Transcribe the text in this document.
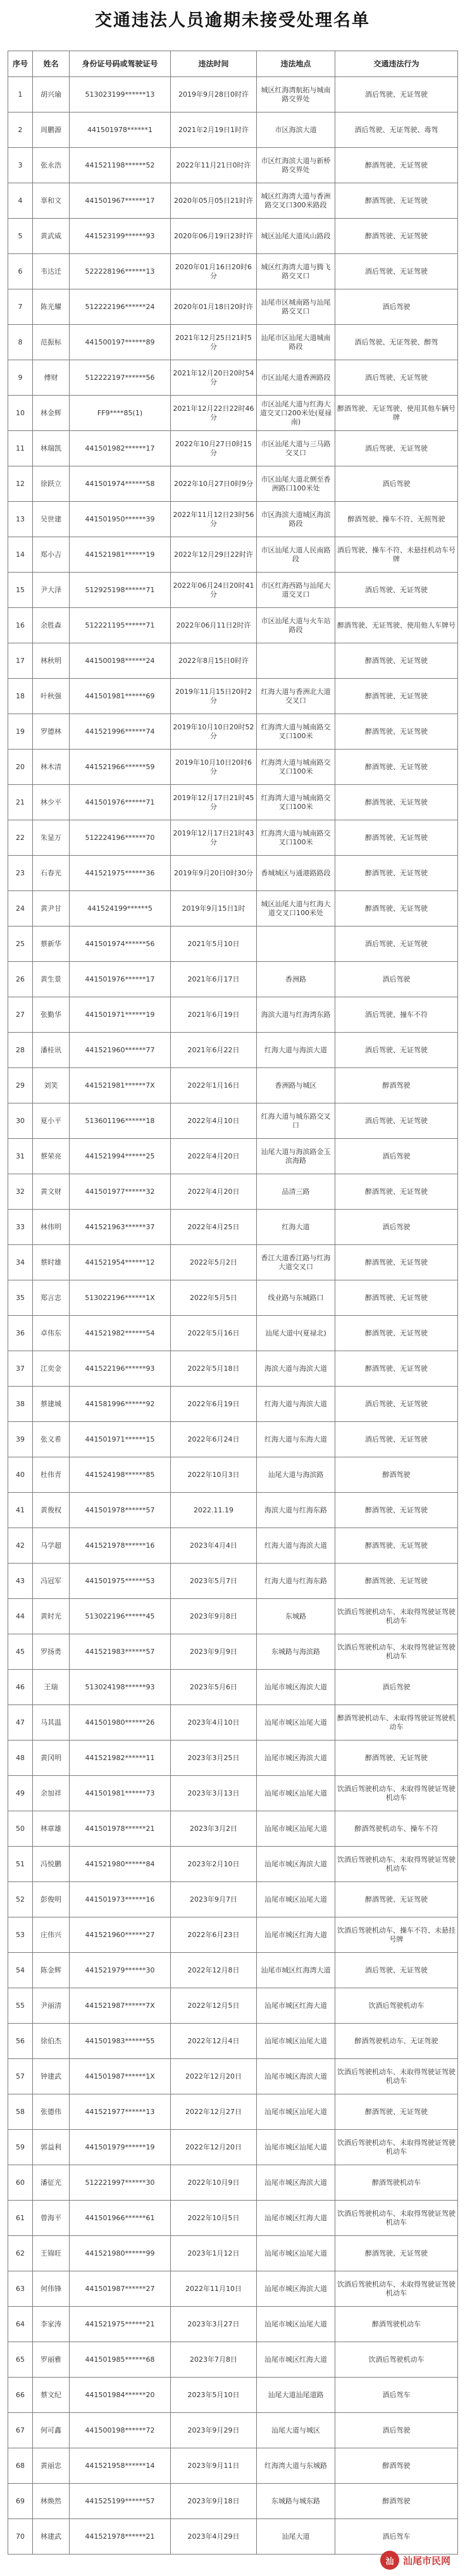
交通违法人员逾期未接受处理名单
序号	姓名	身份证号码或驾驶证号	违法时间	违法地点	交通违法行为
1	胡兴瑜	513023199******13	2019年9月28日0时许	城区红海湾航拓与城南路交界处	酒后驾驶、无证驾驶
2	周鹏源	441501978******1	2021年2月19日1时许	市区海滨大道	酒后驾驶、无证驾驶、毒驾
3	张永浩	441521198******52	2022年11月21日0时许	市区红海滨大道与新桥路交界处	醉酒驾驶、无证驾驶
4	辜和文	441501967******17	2020年05月05日21时许	城区红海湾大道与香洲路交叉口300米路段	醉酒驾驶、无证驾驶
5	黄武威	441523199******93	2020年06月19日23时许	城区汕尾大道凤山路段	醉酒驾驶、无证驾驶
6	韦达迁	522228196******13	2020年01月16日20时6分	城区红海湾大道与腾飞路交叉口	酒后驾驶、无证驾驶
7	陈光耀	512222196******24	2020年01月18日20时许	汕尾市区城南路与汕尾路交叉口	酒后驾驶
8	范振标	441500197******89	2021年12月25日21时5分	汕尾市区汕尾大道城南路段	酒后驾驶、无证驾驶、醉驾
9	傅财	512222197******56	2021年12月20日20时54分	市区汕尾大道香洲路段	酒后驾驶、无证驾驶
10	林金辉	FF9****85(1)	2021年12月22日22时46分	市区汕尾大道与红海大道交叉口200米处(夏禄南)	醉酒驾驶、无证驾驶、使用其他车辆号牌
11	林瑞凯	441501982******17	2022年10月27日0时15分	市区汕尾大道与三马路交叉口	酒后驾驶、无证驾驶
12	徐跃立	441501974******58	2022年10月27日0时9分	市区汕尾大道北侧至香洲路口100米处	酒后驾驶
13	吴世建	441501950******39	2022年11月12日23时56分	市区海滨大道城区海滨路段	醉酒驾驶、操车不符、无照驾驶
14	郑小吉	441521981******19	2022年12月29日22时许	市区汕尾大道人民南路段	酒后驾驶、操车不符、未悬挂机动车号牌
15	尹大泽	512925198******71	2022年06月24日20时41分	市区红海西路与汕尾大道交叉口	酒后驾驶、无证驾驶
16	余胜森	512221195******71	2022年06月11日2时许	市区汕尾大道与火车站路段	醉酒驾驶、无证驾驶、使用他人车牌号
17	林秋明	441500198******24	2022年8月15日0时许		醉酒驾驶、无证驾驶
18	叶秋强	441501981******69	2019年11月15日20时2分	红海大道与香洲北大道交叉口	醉酒驾驶、无证驾驶
19	罗德林	441521996******74	2019年10月10日20时52分	红海湾大道与城南路交叉口100米	醉酒驾驶、无证驾驶
20	林木清	441521966******59	2019年10月10日20时6分	红海湾大道与城南路交叉口100米	醉酒驾驶、无证驾驶
21	林少平	441501976******71	2019年12月17日21时45分	红海湾大道与城南路交叉口100米	醉酒驾驶、无证驾驶
22	朱显万	512224196******70	2019年12月17日21时43分	红海湾大道与城南路交叉口100米	醉酒驾驶、无证驾驶
23	石春光	441521975******36	2019年9月20日0时30分	香城城区与通港路路段	醉酒驾驶、无证驾驶
24	黄尹甘	441524199******5	2019年9月15日1时	城区汕尾大道与红海大道交叉口100米处	醉酒驾驶、无证驾驶
25	蔡新华	441501974******56	2021年5月10日		酒后驾驶、无证驾驶
26	黄生景	441501976******17	2021年6月17日	香洲路	酒后驾驶
27	张勤华	441501971******19	2021年6月19日	海滨大道与红海湾东路	酒后驾驶、撞车不符
28	潘桂讯	441521960******77	2021年6月22日	红海大道与海滨大道	酒后驾驶、无证驾驶
29	刘笑	441521981******7X	2022年1月16日	香洲路与城区	醉酒驾驶
30	夏小平	513601196******18	2022年4月10日	红海大道与城东路交叉口	酒后驾驶、无证驾驶
31	蔡荣亮	441521994******25	2022年4月20日	汕尾大道与海滨路金玉滨海路	酒后驾驶
32	黄文财	441501977******32	2022年4月20日	品清三路	醉酒驾驶、无证驾驶
33	林伟明	441521963******37	2022年4月25日	红海大道	酒后驾驶
34	蔡时雄	441521954******12	2022年5月2日	香江大道香江路与红海大道交叉口	醉酒驾驶、无证驾驶
35	郑言忠	513022196******1X	2022年5月5日	线业路与东城路口	醉酒驾驶、无证驾驶
36	卓伟东	441521982******54	2022年5月16日	汕尾大道中(夏禄北)	醉酒驾驶、无证驾驶
37	江奕金	441522196******93	2022年5月18日	海滨大道与海滨大道	醉酒驾驶、无证驾驶
38	蔡建城	441581996******92	2022年6月19日	红海大道与海滨大道	酒后驾驶、无证驾驶
39	张义希	441501971******15	2022年6月24日	红海大道与东海大道	酒后驾驶、无证驾驶
40	杜伟青	441524198******85	2022年10月3日	汕尾大道与海滨路	醉酒驾驶
41	黄俊权	441501978******57	2022.11.19	海滨大道与红海东路	醉酒驾驶、无证驾驶
42	马学超	441521978******16	2023年4月4日	红海大道与海滨大道	醉酒驾驶、无证驾驶
43	冯冠军	441501975******53	2023年5月7日	红海大道与红海东路	醉酒驾驶、无证驾驶
44	黄时光	513022196******45	2023年9月8日	东城路	饮酒后驾驶机动车、未取得驾驶证驾驶机动车
45	罗扬勇	441521983******57	2023年9月9日	东城路与海滨路	饮酒后驾驶机动车、未取得驾驶证驾驶机动车
46	王瑞	513024198******93	2023年5月6日	汕尾市城区海滨大道	酒后驾驶
47	马其温	441501980******26	2023年4月10日	汕尾市城区汕尾大道	醉酒驾驶机动车、未取得驾驶证驾驶机动车
48	黄冈明	441521982******11	2023年3月25日	汕尾市城区海滨大道	醉酒驾驶、无证驾驶
49	余加祥	441501981******73	2023年3月13日	汕尾市城区汕尾大道	饮酒后驾驶机动车、未取得驾驶证驾驶机动车
50	林章雄	441501978******21	2023年3月2日	汕尾市城区汕尾大道	醉酒驾驶机动车、操车不符
51	冯悦鹏	441521980******84	2023年2月10日	汕尾市城区海滨大道	饮酒后驾驶机动车、未取得驾驶证驾驶机动车
52	彭俊明	441501973******16	2023年9月7日	汕尾市城区汕尾大道	醉酒驾驶、无证驾驶
53	庄伟兴	441521960******27	2022年6月23日	汕尾市城区红海大道	饮酒后驾驶机动车、操车不符、未悬挂号牌
54	陈金辉	441521979******30	2022年12月8日	汕尾市城区红海湾大道	酒后驾驶、无证驾驶
55	尹丽清	441521987******7X	2022年12月5日	汕尾市城区红海大道	饮酒后驾驶机动车
56	徐伯杰	441501983******55	2022年12月4日	汕尾市城区汕尾大道	醉酒驾驶机动车、无证驾驶
57	钟建武	441501987******1X	2022年12月20日	汕尾市城区海滨大道	饮酒后驾驶机动车、未取得驾驶证驾驶机动车
58	张德伟	441521977******13	2022年12月27日	汕尾市城区汕尾大道	醉酒驾驶、无证驾驶
59	郭益利	441501979******19	2022年12月20日	汕尾市城区汕尾大道	饮酒后驾驶机动车、未取得驾驶证驾驶机动车
60	潘征光	512221997******30	2022年10月9日	汕尾市城区海滨大道	醉酒驾驶机动车
61	曾海平	441501966******61	2022年10月5日	汕尾市城区红海大道	饮酒后驾驶机动车、未取得驾驶证驾驶机动车
62	王锦旺	441521980******99	2023年1月12日	汕尾市城区汕尾大道	醉酒驾驶、无证驾驶
63	何伟锋	441501987******27	2022年11月10日	汕尾市城区海滨大道	饮酒后驾驶机动车、未取得驾驶证驾驶机动车
64	李家涛	441521975******21	2023年3月27日	汕尾市城区汕尾大道	醉酒驾驶机动车
65	罗丽雅	441501985******68	2023年7月8日	汕尾市城区红海大道	饮酒后驾驶机动车
66	蔡文纪	441501984******20	2023年5月10日	汕尾大道汕尾道路	酒后驾车
67	何可鑫	441500198******72	2023年9月29日	汕尾大道与城区	酒后驾驶
68	黄丽忠	441521958******14	2023年9月11日	红海湾大道与东城路	醉酒驾驶
69	林焕然	441525199******57	2023年9月18日	东城路与城东路	醉酒驾驶
70	林建武	441521978******21	2023年4月29日	汕尾大道	酒后驾车
汕 汕尾市民网
